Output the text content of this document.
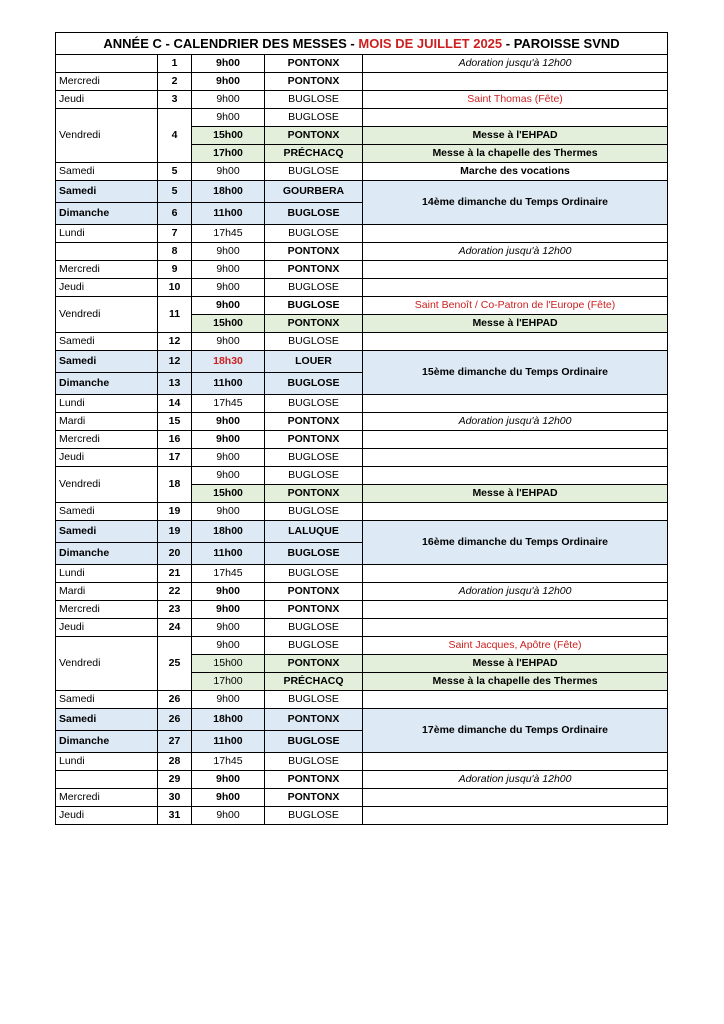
ANNÉE C - CALENDRIER DES MESSES - MOIS DE JUILLET 2025 - PAROISSE SVND				
	1	9h00	PONTONX	Adoration jusqu'à 12h00
Mercredi	2	9h00	PONTONX	
Jeudi	3	9h00	BUGLOSE	Saint Thomas (Fête)
Vendredi	4	9h00	BUGLOSE	
		15h00	PONTONX	Messe à l'EHPAD
		17h00	PRÉCHACQ	Messe à la chapelle des Thermes
Samedi	5	9h00	BUGLOSE	Marche des vocations
Samedi	5	18h00	GOURBERA	14ème dimanche du Temps Ordinaire
Dimanche	6	11h00	BUGLOSE	
Lundi	7	17h45	BUGLOSE	
	8	9h00	PONTONX	Adoration jusqu'à 12h00
Mercredi	9	9h00	PONTONX	
Jeudi	10	9h00	BUGLOSE	
Vendredi	11	9h00	BUGLOSE	Saint Benoît / Co-Patron de l'Europe (Fête)
		15h00	PONTONX	Messe à l'EHPAD
Samedi	12	9h00	BUGLOSE	
Samedi	12	18h30	LOUER	15ème dimanche du Temps Ordinaire
Dimanche	13	11h00	BUGLOSE	
Lundi	14	17h45	BUGLOSE	
Mardi	15	9h00	PONTONX	Adoration jusqu'à 12h00
Mercredi	16	9h00	PONTONX	
Jeudi	17	9h00	BUGLOSE	
Vendredi	18	9h00	BUGLOSE	
		15h00	PONTONX	Messe à l'EHPAD
Samedi	19	9h00	BUGLOSE	
Samedi	19	18h00	LALUQUE	16ème dimanche du Temps Ordinaire
Dimanche	20	11h00	BUGLOSE	
Lundi	21	17h45	BUGLOSE	
Mardi	22	9h00	PONTONX	Adoration jusqu'à 12h00
Mercredi	23	9h00	PONTONX	
Jeudi	24	9h00	BUGLOSE	
Vendredi	25	9h00	BUGLOSE	Saint Jacques, Apôtre (Fête)
		15h00	PONTONX	Messe à l'EHPAD
		17h00	PRÉCHACQ	Messe à la chapelle des Thermes
Samedi	26	9h00	BUGLOSE	
Samedi	26	18h00	PONTONX	17ème dimanche du Temps Ordinaire
Dimanche	27	11h00	BUGLOSE	
Lundi	28	17h45	BUGLOSE	
	29	9h00	PONTONX	Adoration jusqu'à 12h00
Mercredi	30	9h00	PONTONX	
Jeudi	31	9h00	BUGLOSE	
